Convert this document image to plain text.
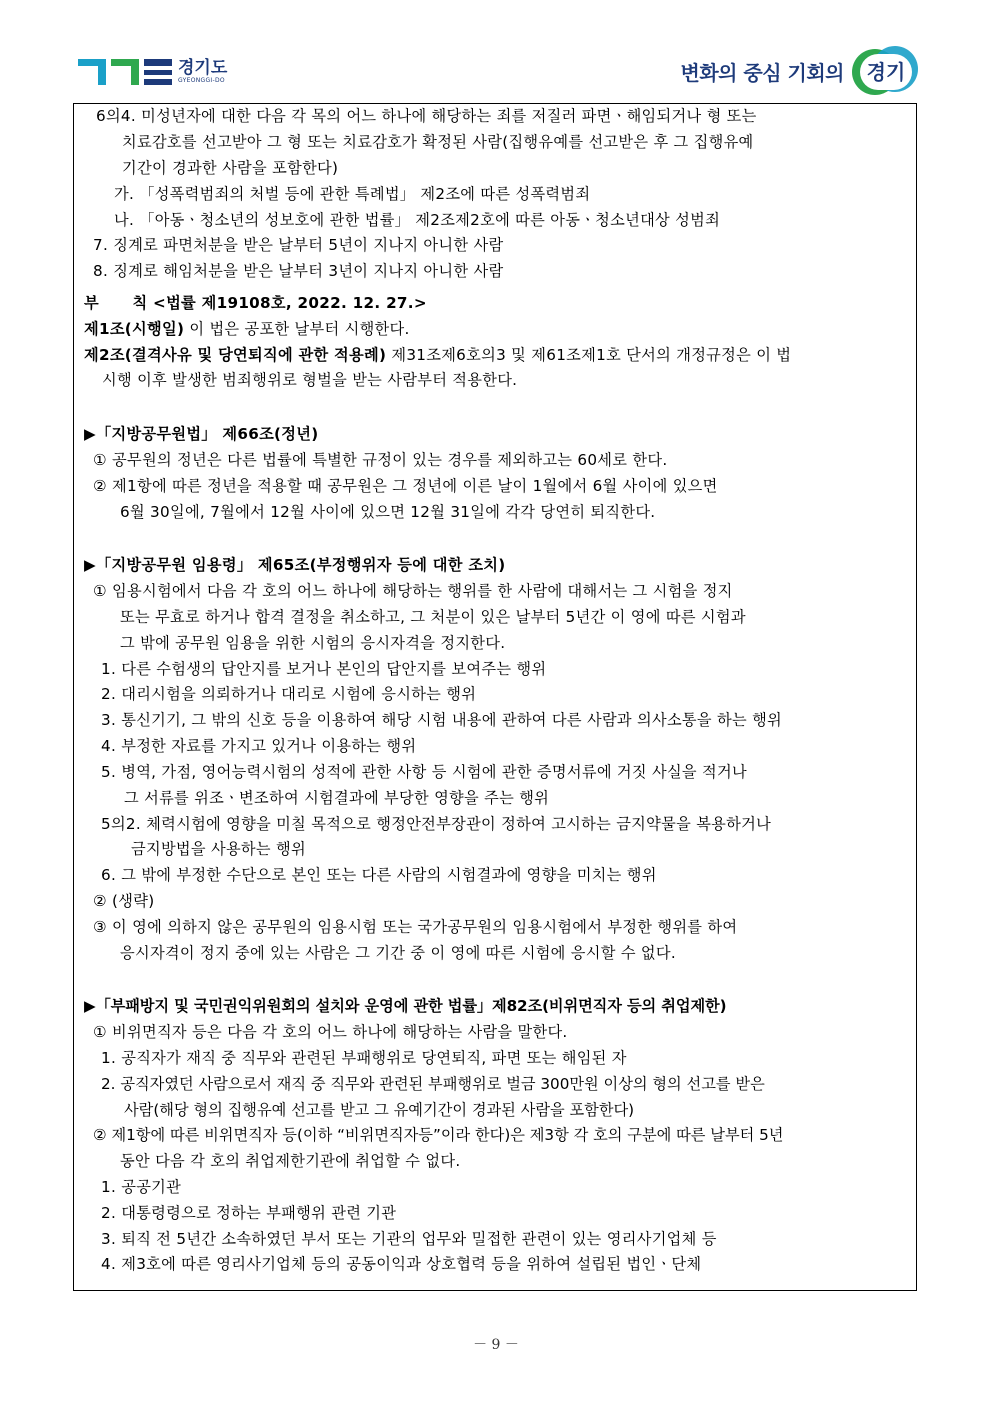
경기도
GYEONGGI-DO	변화의 중심 기회의	경기
6의4. 미성년자에 대한 다음 각 목의 어느 하나에 해당하는 죄를 저질러 파면ㆍ해임되거나 형 또는
치료감호를 선고받아 그 형 또는 치료감호가 확정된 사람(집행유예를 선고받은 후 그 집행유예
기간이 경과한 사람을 포함한다)
가. 「성폭력범죄의 처벌 등에 관한 특례법」 제2조에 따른 성폭력범죄
나. 「아동ㆍ청소년의 성보호에 관한 법률」 제2조제2호에 따른 아동ㆍ청소년대상 성범죄
7. 징계로 파면처분을 받은 날부터 5년이 지나지 아니한 사람
8. 징계로 해임처분을 받은 날부터 3년이 지나지 아니한 사람
부      칙 <법률 제19108호, 2022. 12. 27.>
제1조(시행일) 이 법은 공포한 날부터 시행한다.
제2조(결격사유 및 당연퇴직에 관한 적용례) 제31조제6호의3 및 제61조제1호 단서의 개정규정은 이 법
시행 이후 발생한 범죄행위로 형벌을 받는 사람부터 적용한다.
▶「지방공무원법」 제66조(정년)
① 공무원의 정년은 다른 법률에 특별한 규정이 있는 경우를 제외하고는 60세로 한다.
② 제1항에 따른 정년을 적용할 때 공무원은 그 정년에 이른 날이 1월에서 6월 사이에 있으면
6월 30일에, 7월에서 12월 사이에 있으면 12월 31일에 각각 당연히 퇴직한다.
▶「지방공무원 임용령」 제65조(부정행위자 등에 대한 조치)
① 임용시험에서 다음 각 호의 어느 하나에 해당하는 행위를 한 사람에 대해서는 그 시험을 정지
또는 무효로 하거나 합격 결정을 취소하고, 그 처분이 있은 날부터 5년간 이 영에 따른 시험과
그 밖에 공무원 임용을 위한 시험의 응시자격을 정지한다.
1. 다른 수험생의 답안지를 보거나 본인의 답안지를 보여주는 행위
2. 대리시험을 의뢰하거나 대리로 시험에 응시하는 행위
3. 통신기기, 그 밖의 신호 등을 이용하여 해당 시험 내용에 관하여 다른 사람과 의사소통을 하는 행위
4. 부정한 자료를 가지고 있거나 이용하는 행위
5. 병역, 가점, 영어능력시험의 성적에 관한 사항 등 시험에 관한 증명서류에 거짓 사실을 적거나
그 서류를 위조ㆍ변조하여 시험결과에 부당한 영향을 주는 행위
5의2. 체력시험에 영향을 미칠 목적으로 행정안전부장관이 정하여 고시하는 금지약물을 복용하거나
금지방법을 사용하는 행위
6. 그 밖에 부정한 수단으로 본인 또는 다른 사람의 시험결과에 영향을 미치는 행위
② (생략)
③ 이 영에 의하지 않은 공무원의 임용시험 또는 국가공무원의 임용시험에서 부정한 행위를 하여
응시자격이 정지 중에 있는 사람은 그 기간 중 이 영에 따른 시험에 응시할 수 없다.
▶「부패방지 및 국민권익위원회의 설치와 운영에 관한 법률」제82조(비위면직자 등의 취업제한)
① 비위면직자 등은 다음 각 호의 어느 하나에 해당하는 사람을 말한다.
1. 공직자가 재직 중 직무와 관련된 부패행위로 당연퇴직, 파면 또는 해임된 자
2. 공직자였던 사람으로서 재직 중 직무와 관련된 부패행위로 벌금 300만원 이상의 형의 선고를 받은
사람(해당 형의 집행유예 선고를 받고 그 유예기간이 경과된 사람을 포함한다)
② 제1항에 따른 비위면직자 등(이하 “비위면직자등”이라 한다)은 제3항 각 호의 구분에 따른 날부터 5년
동안 다음 각 호의 취업제한기관에 취업할 수 없다.
1. 공공기관
2. 대통령령으로 정하는 부패행위 관련 기관
3. 퇴직 전 5년간 소속하였던 부서 또는 기관의 업무와 밀접한 관련이 있는 영리사기업체 등
4. 제3호에 따른 영리사기업체 등의 공동이익과 상호협력 등을 위하여 설립된 법인ㆍ단체
－ 9 －
